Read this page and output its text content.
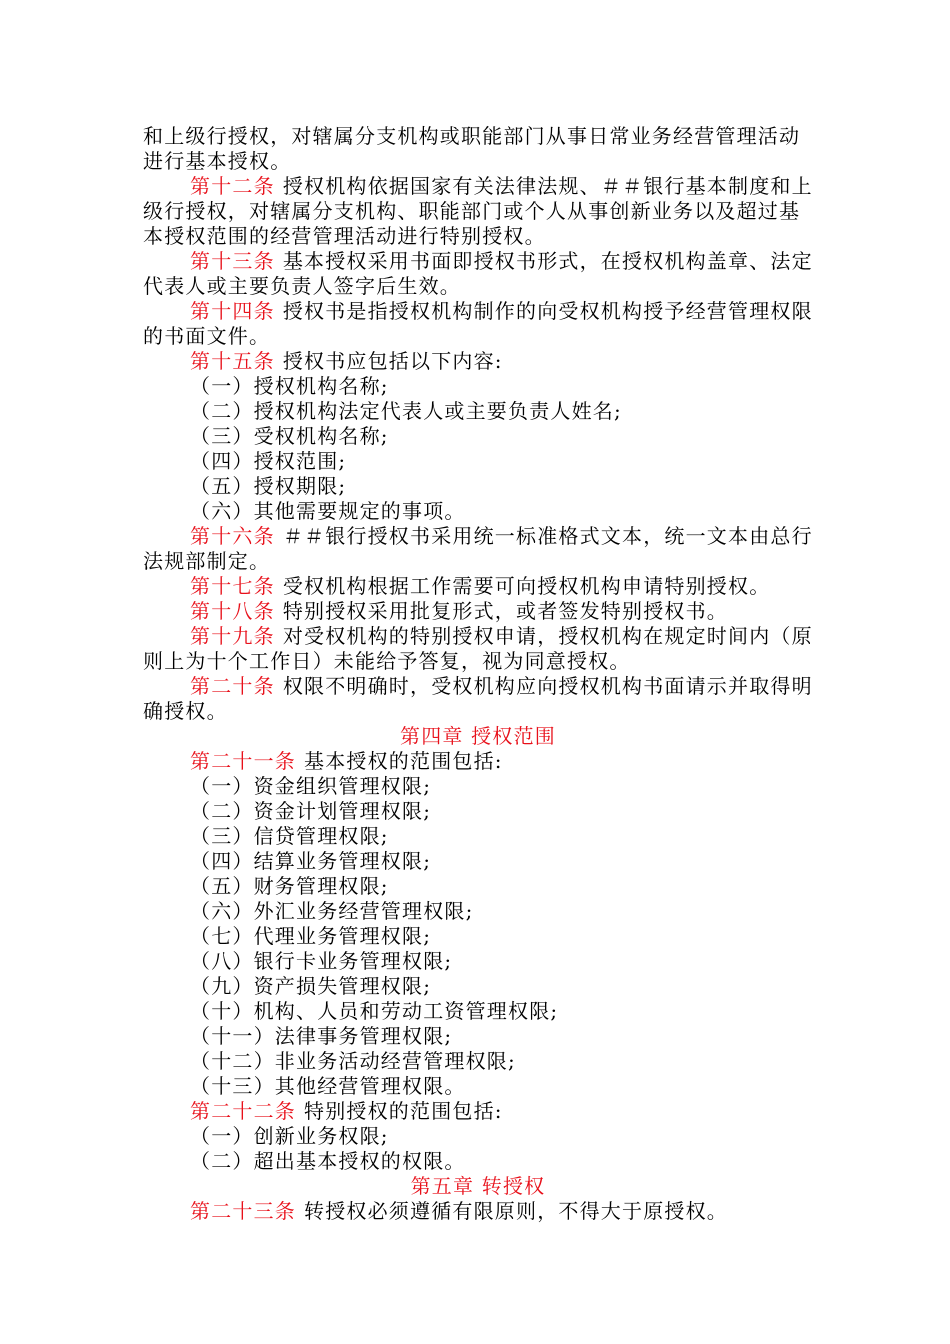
和上级行授权，对辖属分支机构或职能部门从事日常业务经营管理活动进行基本授权。

第十二条 授权机构依据国家有关法律法规、＃＃银行基本制度和上级行授权，对辖属分支机构、职能部门或个人从事创新业务以及超过基本授权范围的经营管理活动进行特别授权。

第十三条 基本授权采用书面即授权书形式，在授权机构盖章、法定代表人或主要负责人签字后生效。

第十四条 授权书是指授权机构制作的向受权机构授予经营管理权限的书面文件。

第十五条 授权书应包括以下内容:

（一）授权机构名称;

（二）授权机构法定代表人或主要负责人姓名;

（三）受权机构名称;

（四）授权范围;

（五）授权期限;

（六）其他需要规定的事项。

第十六条 ＃＃银行授权书采用统一标准格式文本，统一文本由总行法规部制定。

第十七条 受权机构根据工作需要可向授权机构申请特别授权。

第十八条 特别授权采用批复形式，或者签发特别授权书。

第十九条 对受权机构的特别授权申请，授权机构在规定时间内（原则上为十个工作日）未能给予答复，视为同意授权。

第二十条 权限不明确时，受权机构应向授权机构书面请示并取得明确授权。

第四章 授权范围

第二十一条 基本授权的范围包括:

（一）资金组织管理权限;

（二）资金计划管理权限;

（三）信贷管理权限;

（四）结算业务管理权限;

（五）财务管理权限;

（六）外汇业务经营管理权限;

（七）代理业务管理权限;

（八）银行卡业务管理权限;

（九）资产损失管理权限;

（十）机构、人员和劳动工资管理权限;

（十一）法律事务管理权限;

（十二）非业务活动经营管理权限;

（十三）其他经营管理权限。

第二十二条 特别授权的范围包括:

（一）创新业务权限;

（二）超出基本授权的权限。

第五章 转授权

第二十三条 转授权必须遵循有限原则，不得大于原授权。
